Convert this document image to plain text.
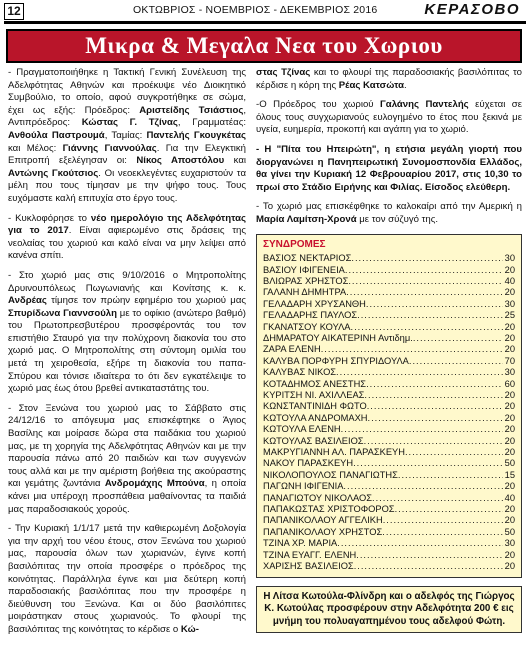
12	ΟΚΤΩΒΡΙΟΣ - ΝΟΕΜΒΡΙΟΣ - ΔΕΚΕΜΒΡΙΟΣ 2016	ΚΕΡΑΣΟΒΟ
Μικρα & Μεγαλα Νεα του Χωριου

- Πραγματοποιήθηκε η Τακτική Γενική Συνέλευση της Αδελφότητας Αθηνών και προέκυψε νέο Διοικητικό Συμβούλιο, το οποίο, αφού συγκροτήθηκε σε σώμα, έχει ως εξής: Πρόεδρος: Αριστείδης Τσιάστιος, Αντιπρόεδρος: Κώστας Γ. Τζίνας, Γραμματέας: Ανθούλα Παστρουμά, Ταμίας: Παντελής Γκουγκέτας και Μέλος: Γιάννης Γιαννούλας. Για την Ελεγκτική Επιτροπή εξελέγησαν οι: Νίκος Αποστόλου και Αντώνης Γκούτσιος. Οι νεοεκλεγέντες ευχαριστούν τα μέλη που τους τίμησαν με την ψήφο τους. Τους ευχόμαστε καλή επιτυχία στο έργο τους.

- Κυκλοφόρησε το νέο ημερολόγιο της Αδελφότητας για το 2017. Είναι αφιερωμένο στις δράσεις της νεολαίας του χωριού και καλό είναι να μην λείψει από κανένα σπίτι.

- Στο χωριό μας στις 9/10/2016 ο Μητροπολίτης Δρυινουπόλεως Πωγωνιανής και Κονίτσης κ. κ. Ανδρέας τίμησε τον πρώην εφημέριο του χωριού μας Σπυρίδωνα Γιαννσούλη με το οφίκιο (ανώτερο βαθμό) του Πρωτοπρεσβυτέρου προσφέροντάς του τον επιστήθιο Σταυρό για την πολύχρονη διακονία του στο χωριό μας. Ο Μητροπολίτης στη σύντομη ομιλία του μετά τη χειροθεσία, εξήρε τη διακονία του παπα-Σπύρου και τόνισε ιδιαίτερα το ότι δεν εγκατέλειψε το χωριό μας έως ότου βρεθεί αντικαταστάτης του.

- Στον Ξενώνα του χωριού μας το Σάββατο στις 24/12/16 το απόγευμα μας επισκέφτηκε ο Άγιος Βασίλης και μοίρασε δώρα στα παιδάκια του χωριού μας, με τη χορηγία της Αδελφότητας Αθηνών και με την παρουσία πάνω από 20 παιδιών και των συγγενών τους αλλά και με την αμέριστη βοήθεια της ακούραστης και γεμάτης ζωντάνια Ανδρομάχης Μπούνα, η οποία κάνει μια υπέροχη προσπάθεια μαθαίνοντας τα παιδιά μας παραδοσιακούς χορούς.

- Την Κυριακή 1/1/17 μετά την καθιερωμένη Δοξολογία για την αρχή του νέου έτους, στον Ξενώνα του χωριού μας, παρουσία όλων των χωριανών, έγινε κοπή βασιλόπιτας την οποία προσφέρε ο πρόεδρος της κοινότητας. Παράλληλα έγινε και μια δεύτερη κοπή παραδοσιακής βασιλόπιτας που την προσφέρε η διεύθυνση του Ξενώνα. Και οι δύο βασιλόπιτες μοιράστηκαν στους χωριανούς. Το φλουρί της βασιλόπιτας της κοινότητας το κέρδισε ο Κώ-

στας Τζίνας και το φλουρί της παραδοσιακής βασιλόπιτας το κέρδισε η κόρη της Ρέας Κατσώτα.

-Ο Πρόεδρος του χωριού Γαλάνης Παντελής εύχεται σε όλους τους συγχωριανούς ευλογημένο το έτος που ξεκινά με υγεία, ευημερία, προκοπή και αγάπη για το χωριό.

- Η "Πίτα του Ηπειρώτη", η ετήσια μεγάλη γιορτή που διοργανώνει η Πανηπειρωτική Συνομοσπονδία Ελλάδος, θα γίνει την Κυριακή 12 Φεβρουαρίου 2017, στις 10,30 το πρωί στο Στάδιο Ειρήνης και Φιλίας. Είσοδος ελεύθερη.

- Το χωριό μας επισκέφθηκε το καλοκαίρι από την Αμερική η Μαρία Λαμίτση-Χρονά με τον σύζυγό της.

ΣΥΝΔΡΟΜΕΣ
ΒΑΣΙΟΣ ΝΕΚΤΑΡΙΟΣ .....	30
ΒΑΣΙΟΥ ΙΦΙΓΕΝΕΙΑ .....	20
ΒΛΙΩΡΑΣ ΧΡΗΣΤΟΣ .....	40
ΓΑΛΑΝΗ ΔΗΜΗΤΡΑ .....	20
ΓΕΛΑΔΑΡΗ ΧΡΥΣΑΝΘΗ .....	30
ΓΕΛΑΔΑΡΗΣ ΠΑΥΛΟΣ .....	25
ΓΚΑΝΑΤΣΟΥ ΚΟΥΛΑ .....	20
ΔΗΜΑΡΑΤΟΥ ΑΙΚΑΤΕΡΙΝΗ Αντιδημ. .....	20
ΖΑΡΑ ΕΛΕΝΗ .....	20
ΚΑΛΥΒΑ ΠΟΡΦΥΡΗ ΣΠΥΡΙΔΟΥΛΑ .....	70
ΚΑΛΥΒΑΣ ΝΙΚΟΣ .....	30
ΚΟΤΑΔΗΜΟΣ ΑΝΕΣΤΗΣ .....	60
ΚΥΡΙΤΣΗ ΝΙ. ΑΧΙΛΛΕΑΣ .....	20
ΚΩΝΣΤΑΝΤΙΝΙΔΗ ΦΩΤΟ .....	20
ΚΩΤΟΥΛΑ ΑΝΔΡΟΜΑΧΗ .....	20
ΚΩΤΟΥΛΑ ΕΛΕΝΗ .....	20
ΚΩΤΟΥΛΑΣ ΒΑΣΙΛΕΙΟΣ .....	20
ΜΑΚΡΥΓΙΑΝΝΗ ΑΛ. ΠΑΡΑΣΚΕΥΗ .....	20
ΝΑΚΟΥ ΠΑΡΑΣΚΕΥΗ .....	50
ΝΙΚΟΛΟΠΟΥΛΟΣ ΠΑΝΑΓΙΩΤΗΣ .....	15
ΠΑΓΩΝΗ ΙΦΙΓΕΝΙΑ .....	20
ΠΑΝΑΓΙΩΤΟΥ ΝΙΚΟΛΑΟΣ .....	40
ΠΑΠΑΚΩΣΤΑΣ ΧΡΙΣΤΟΦΟΡΟΣ .....	20
ΠΑΠΑΝΙΚΟΛΑΟΥ ΑΓΓΕΛΙΚΗ .....	20
ΠΑΠΑΝΙΚΟΛΑΟΥ ΧΡΗΣΤΟΣ .....	50
ΤΖΙΝΑ ΧΡ. ΜΑΡΙΑ .....	30
ΤΖΙΝΑ ΕΥΑΓΓ. ΕΛΕΝΗ .....	20
ΧΑΡΙΣΗΣ ΒΑΣΙΛΕΙΟΣ .....	20
Η Λίτσα Κωτούλα-Φλίνδρη και ο αδελφός της Γιώργος Κ. Κωτούλας προσφέρουν στην Αδελφότητα 200 € εις μνήμη του πολυαγαπημένου τους αδελφού Φώτη.
